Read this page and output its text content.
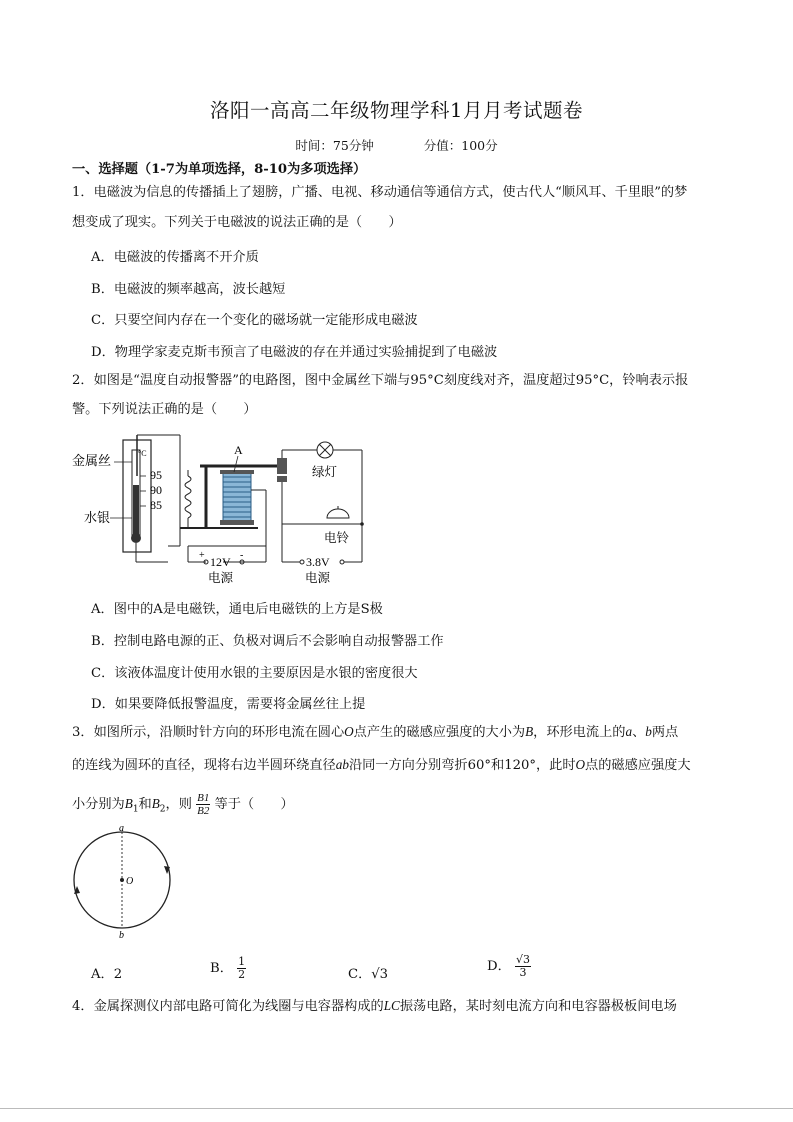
洛阳一高高二年级物理学科1月月考试题卷
时间：75分钟	分值：100分
一、选择题（1-7为单项选择，8-10为多项选择）
1．电磁波为信息的传播插上了翅膀，广播、电视、移动通信等通信方式，使古代人“顺风耳、千里眼”的梦
想变成了现实。下列关于电磁波的说法正确的是（　　）
A．电磁波的传播离不开介质
B．电磁波的频率越高，波长越短
C．只要空间内存在一个变化的磁场就一定能形成电磁波
D．物理学家麦克斯韦预言了电磁波的存在并通过实验捕捉到了电磁波
2．如图是“温度自动报警器”的电路图，图中金属丝下端与95°C刻度线对齐，温度超过95°C，铃响表示报
警。下列说法正确的是（　　）
°C
95
90
85
金属丝
水银
A
+	-
12V
电源
绿灯
电铃
3.8V
电源
A．图中的A是电磁铁，通电后电磁铁的上方是S极
B．控制电路电源的正、负极对调后不会影响自动报警器工作
C．该液体温度计使用水银的主要原因是水银的密度很大
D．如果要降低报警温度，需要将金属丝往上提
3．如图所示，沿顺时针方向的环形电流在圆心O点产生的磁感应强度的大小为B，环形电流上的a、b两点
的连线为圆环的直径，现将右边半圆环绕直径ab沿同一方向分别弯折60°和120°，此时O点的磁感应强度大
小分别为$B_1$和$B_2$，则 $\frac{B1}{B2}$ 等于（　　）
a
b
O
A．2	B． $\frac{1}{2}$	C．√3
D． $\frac{√3}{3}$
4．金属探测仪内部电路可简化为线圈与电容器构成的LC振荡电路，某时刻电流方向和电容器极板间电场
